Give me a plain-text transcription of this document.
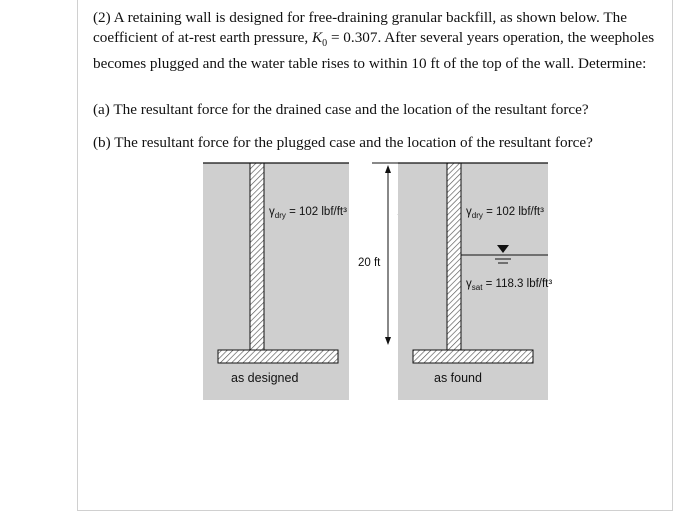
(2) A retaining wall is designed for free-draining granular backfill, as shown below. The coefficient of at-rest earth pressure, $K_0 = 0.307$. After several years operation, the weepholes becomes plugged and the water table rises to within 10 ft of the top of the wall. Determine:

(a) The resultant force for the drained case and the location of the resultant force?

(b) The resultant force for the plugged case and the location of the resultant force?

$\gamma_{dry} = 102$ lbf/ft³
as designed
20 ft
$\gamma_{dry} = 102$ lbf/ft³
$\gamma_{sat} = 118.3$ lbf/ft³
as found
